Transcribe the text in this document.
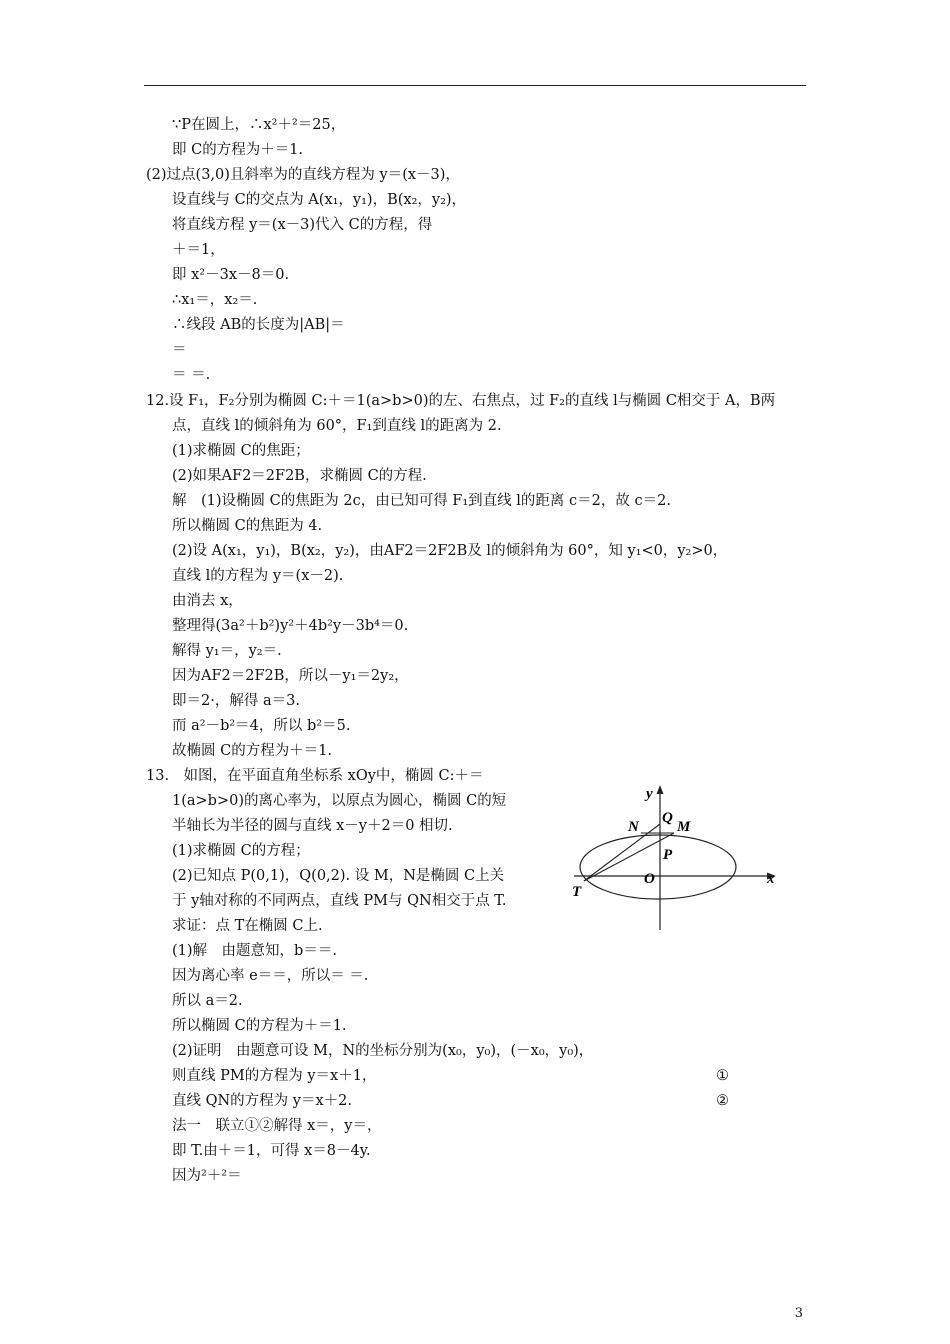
∵P在圆上，∴x²＋²＝25，
即 C的方程为＋＝1.
(2)过点(3,0)且斜率为的直线方程为 y＝(x－3)，
设直线与 C的交点为 A(x₁，y₁)，B(x₂，y₂)，
将直线方程 y＝(x－3)代入 C的方程，得
＋＝1，
即 x²－3x－8＝0.
∴x₁＝，x₂＝.
∴线段 AB的长度为|AB|＝
＝
＝ ＝.
12.设 F₁，F₂分别为椭圆 C:＋＝1(a>b>0)的左、右焦点，过 F₂的直线 l与椭圆 C相交于 A，B两
点，直线 l的倾斜角为 60°，F₁到直线 l的距离为 2.
(1)求椭圆 C的焦距；
(2)如果AF2＝2F2B，求椭圆 C的方程.
解　(1)设椭圆 C的焦距为 2c，由已知可得 F₁到直线 l的距离 c＝2，故 c＝2.
所以椭圆 C的焦距为 4.
(2)设 A(x₁，y₁)，B(x₂，y₂)，由AF2＝2F2B及 l的倾斜角为 60°，知 y₁<0，y₂>0，
直线 l的方程为 y＝(x－2).
由消去 x，
整理得(3a²＋b²)y²＋4b²y－3b⁴＝0.
解得 y₁＝，y₂＝.
因为AF2＝2F2B，所以－y₁＝2y₂，
即＝2·，解得 a＝3.
而 a²－b²＝4，所以 b²＝5.
故椭圆 C的方程为＋＝1.
13.　如图，在平面直角坐标系 xOy中，椭圆 C:＋＝
1(a>b>0)的离心率为，以原点为圆心，椭圆 C的短
半轴长为半径的圆与直线 x－y＋2＝0 相切.
(1)求椭圆 C的方程；
(2)已知点 P(0,1)，Q(0,2). 设 M，N是椭圆 C上关
于 y轴对称的不同两点，直线 PM与 QN相交于点 T.
求证：点 T在椭圆 C上.
(1)解　由题意知，b＝＝.
因为离心率 e＝＝，所以＝ ＝.
所以 a＝2.
所以椭圆 C的方程为＋＝1.
(2)证明　由题意可设 M，N的坐标分别为(x₀，y₀)，(－x₀，y₀)，
则直线 PM的方程为 y＝x＋1，
直线 QN的方程为 y＝x＋2.
法一　联立①②解得 x＝，y＝，
即 T.由＋＝1，可得 x＝8－4y.
因为²＋²＝
①
②
y
x
Q
N	M
P
O
T
3
